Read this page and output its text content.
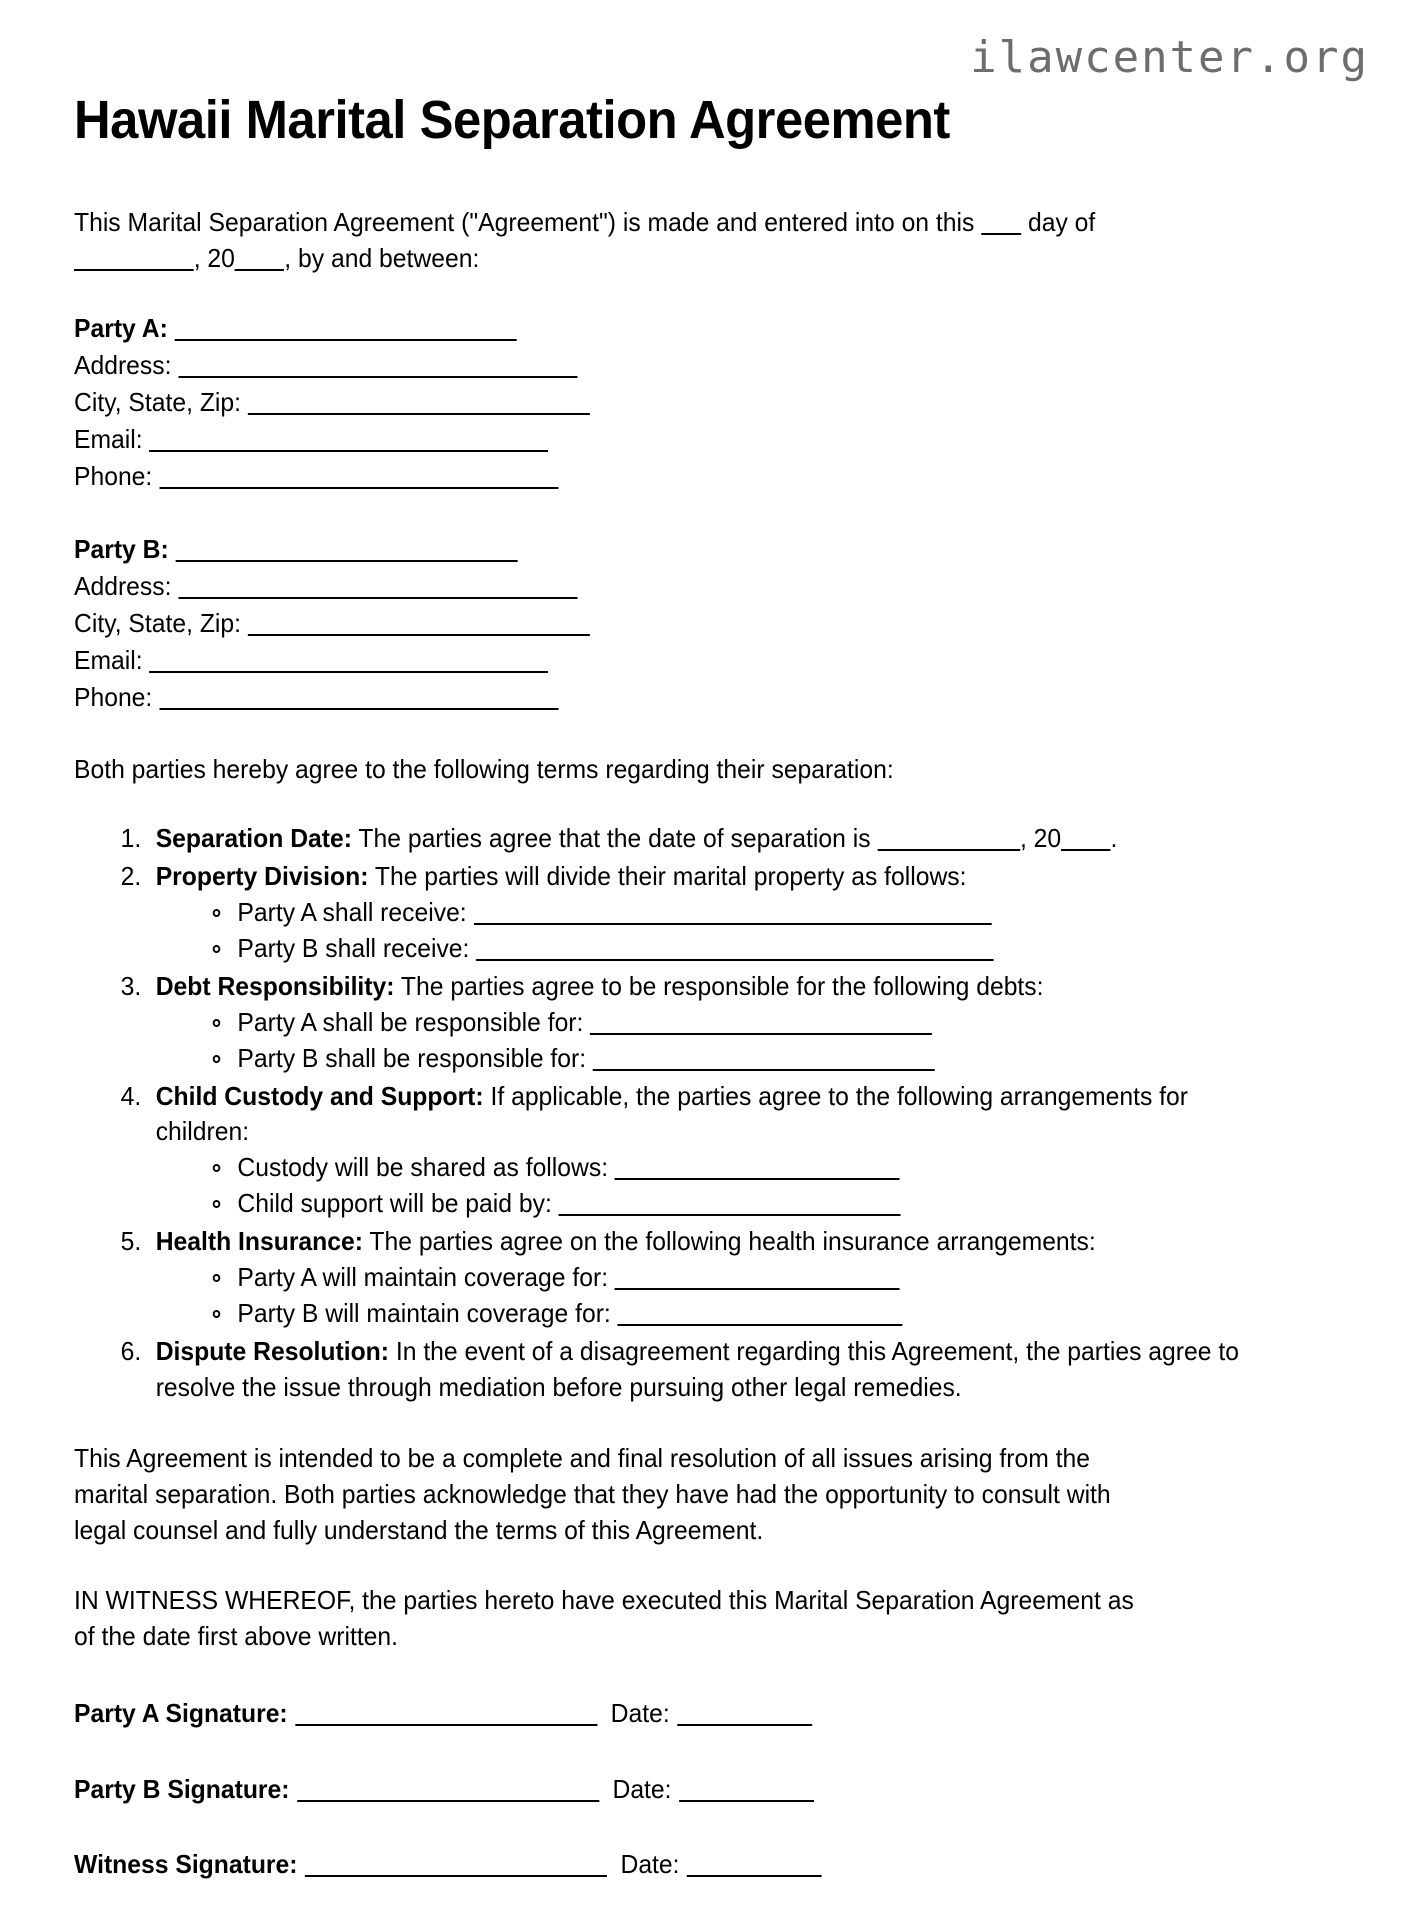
ilawcenter.org
Hawaii Marital Separation Agreement

This Marital Separation Agreement ("Agreement") is made and entered into on this day of , 20 , by and between:

Party A:
Address:
City, State, Zip:
Email:
Phone:
Party B:
Address:
City, State, Zip:
Email:
Phone:

Both parties hereby agree to the following terms regarding their separation:

1. Separation Date: The parties agree that the date of separation is	, 20 .
2. Property Division: The parties will divide their marital property as follows:
Party A shall receive:
Party B shall receive:
3. Debt Responsibility: The parties agree to be responsible for the following debts:
Party A shall be responsible for:
Party B shall be responsible for:
4. Child Custody and Support: If applicable, the parties agree to the following arrangements for children:
Custody will be shared as follows:
Child support will be paid by:
5. Health Insurance: The parties agree on the following health insurance arrangements:
Party A will maintain coverage for:
Party B will maintain coverage for:
6. Dispute Resolution: In the event of a disagreement regarding this Agreement, the parties agree to resolve the issue through mediation before pursuing other legal remedies.

This Agreement is intended to be a complete and final resolution of all issues arising from the marital separation. Both parties acknowledge that they have had the opportunity to consult with legal counsel and fully understand the terms of this Agreement.

IN WITNESS WHEREOF, the parties hereto have executed this Marital Separation Agreement as of the date first above written.

Party A Signature:	Date:
Party B Signature:	Date:
Witness Signature:	Date:
